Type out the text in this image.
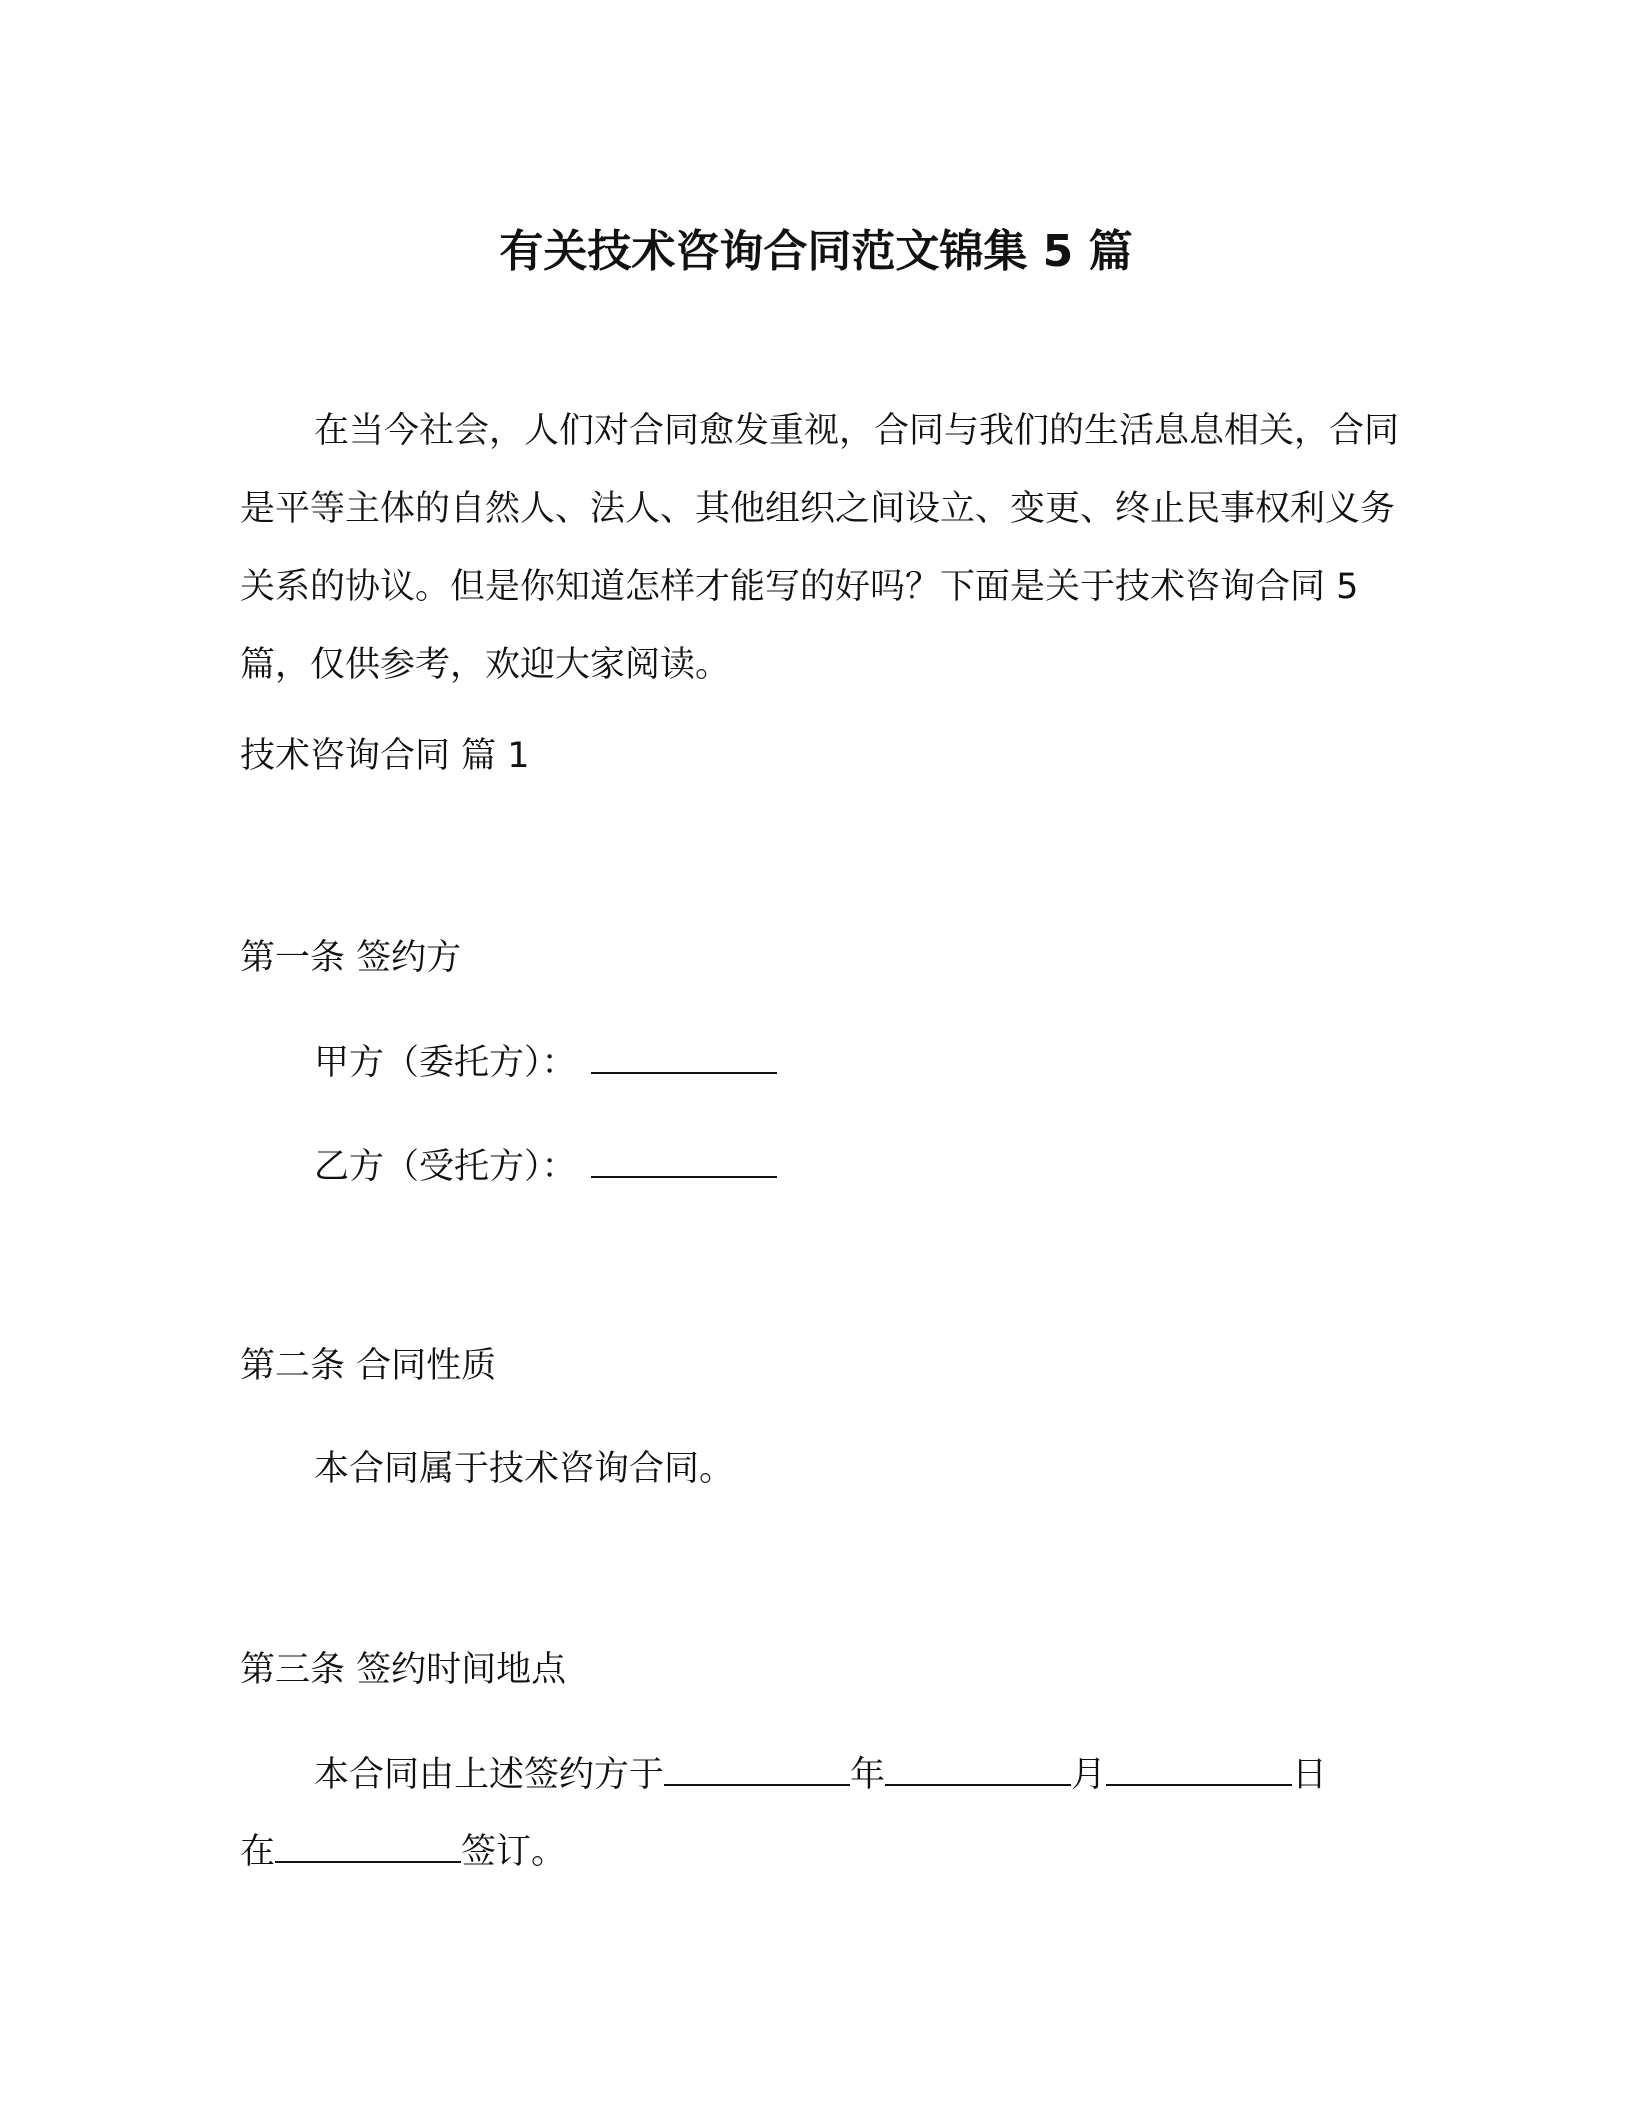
有关技术咨询合同范文锦集 5 篇

在当今社会，人们对合同愈发重视，合同与我们的生活息息相关，合同是平等主体的自然人、法人、其他组织之间设立、变更、终止民事权利义务关系的协议。但是你知道怎样才能写的好吗？下面是关于技术咨询合同 5 篇，仅供参考，欢迎大家阅读。

技术咨询合同 篇 1

第一条 签约方

甲方（委托方）：

乙方（受托方）：

第二条 合同性质

本合同属于技术咨询合同。

第三条 签约时间地点

本合同由上述签约方于	年	月	日

在	签订。
